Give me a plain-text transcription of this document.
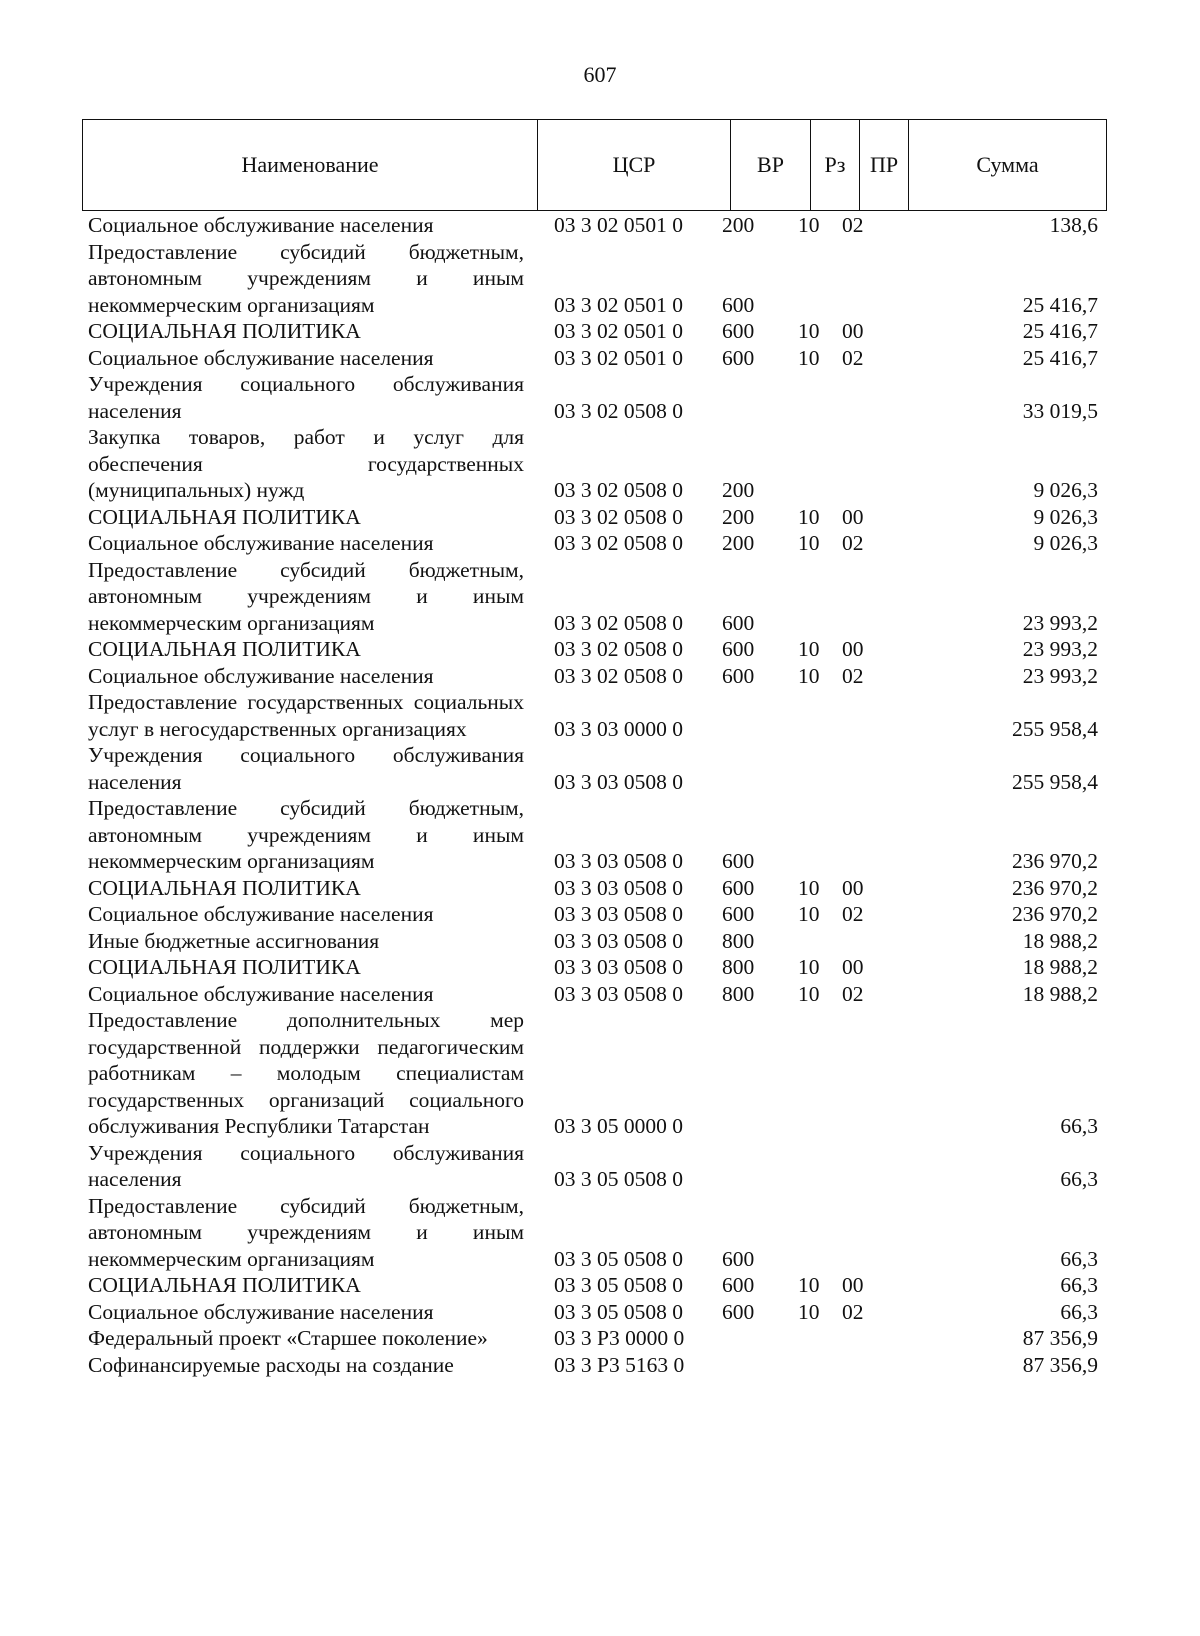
607
Наименование	ЦСР	ВР	Рз	ПР	Сумма
Социальное обслуживание населения	03 3 02 0501 0	200	10	02	138,6
Предоставление субсидий бюджетным, автономным учреждениям и иным некоммерческим организациям	03 3 02 0501 0	600			25 416,7
СОЦИАЛЬНАЯ ПОЛИТИКА	03 3 02 0501 0	600	10	00	25 416,7
Социальное обслуживание населения	03 3 02 0501 0	600	10	02	25 416,7
Учреждения социального обслуживания населения	03 3 02 0508 0				33 019,5
Закупка товаров, работ и услуг для обеспечения государственных (муниципальных) нужд	03 3 02 0508 0	200			9 026,3
СОЦИАЛЬНАЯ ПОЛИТИКА	03 3 02 0508 0	200	10	00	9 026,3
Социальное обслуживание населения	03 3 02 0508 0	200	10	02	9 026,3
Предоставление субсидий бюджетным, автономным учреждениям и иным некоммерческим организациям	03 3 02 0508 0	600			23 993,2
СОЦИАЛЬНАЯ ПОЛИТИКА	03 3 02 0508 0	600	10	00	23 993,2
Социальное обслуживание населения	03 3 02 0508 0	600	10	02	23 993,2
Предоставление государственных социальных услуг в негосударственных организациях	03 3 03 0000 0				255 958,4
Учреждения социального обслуживания населения	03 3 03 0508 0				255 958,4
Предоставление субсидий бюджетным, автономным учреждениям и иным некоммерческим организациям	03 3 03 0508 0	600			236 970,2
СОЦИАЛЬНАЯ ПОЛИТИКА	03 3 03 0508 0	600	10	00	236 970,2
Социальное обслуживание населения	03 3 03 0508 0	600	10	02	236 970,2
Иные бюджетные ассигнования	03 3 03 0508 0	800			18 988,2
СОЦИАЛЬНАЯ ПОЛИТИКА	03 3 03 0508 0	800	10	00	18 988,2
Социальное обслуживание населения	03 3 03 0508 0	800	10	02	18 988,2
Предоставление дополнительных мер государственной поддержки педагогическим работникам – молодым специалистам государственных организаций социального обслуживания Республики Татарстан	03 3 05 0000 0				66,3
Учреждения социального обслуживания населения	03 3 05 0508 0				66,3
Предоставление субсидий бюджетным, автономным учреждениям и иным некоммерческим организациям	03 3 05 0508 0	600			66,3
СОЦИАЛЬНАЯ ПОЛИТИКА	03 3 05 0508 0	600	10	00	66,3
Социальное обслуживание населения	03 3 05 0508 0	600	10	02	66,3
Федеральный проект «Старшее поколение»	03 3 P3 0000 0				87 356,9
Софинансируемые расходы на создание	03 3 P3 5163 0				87 356,9
